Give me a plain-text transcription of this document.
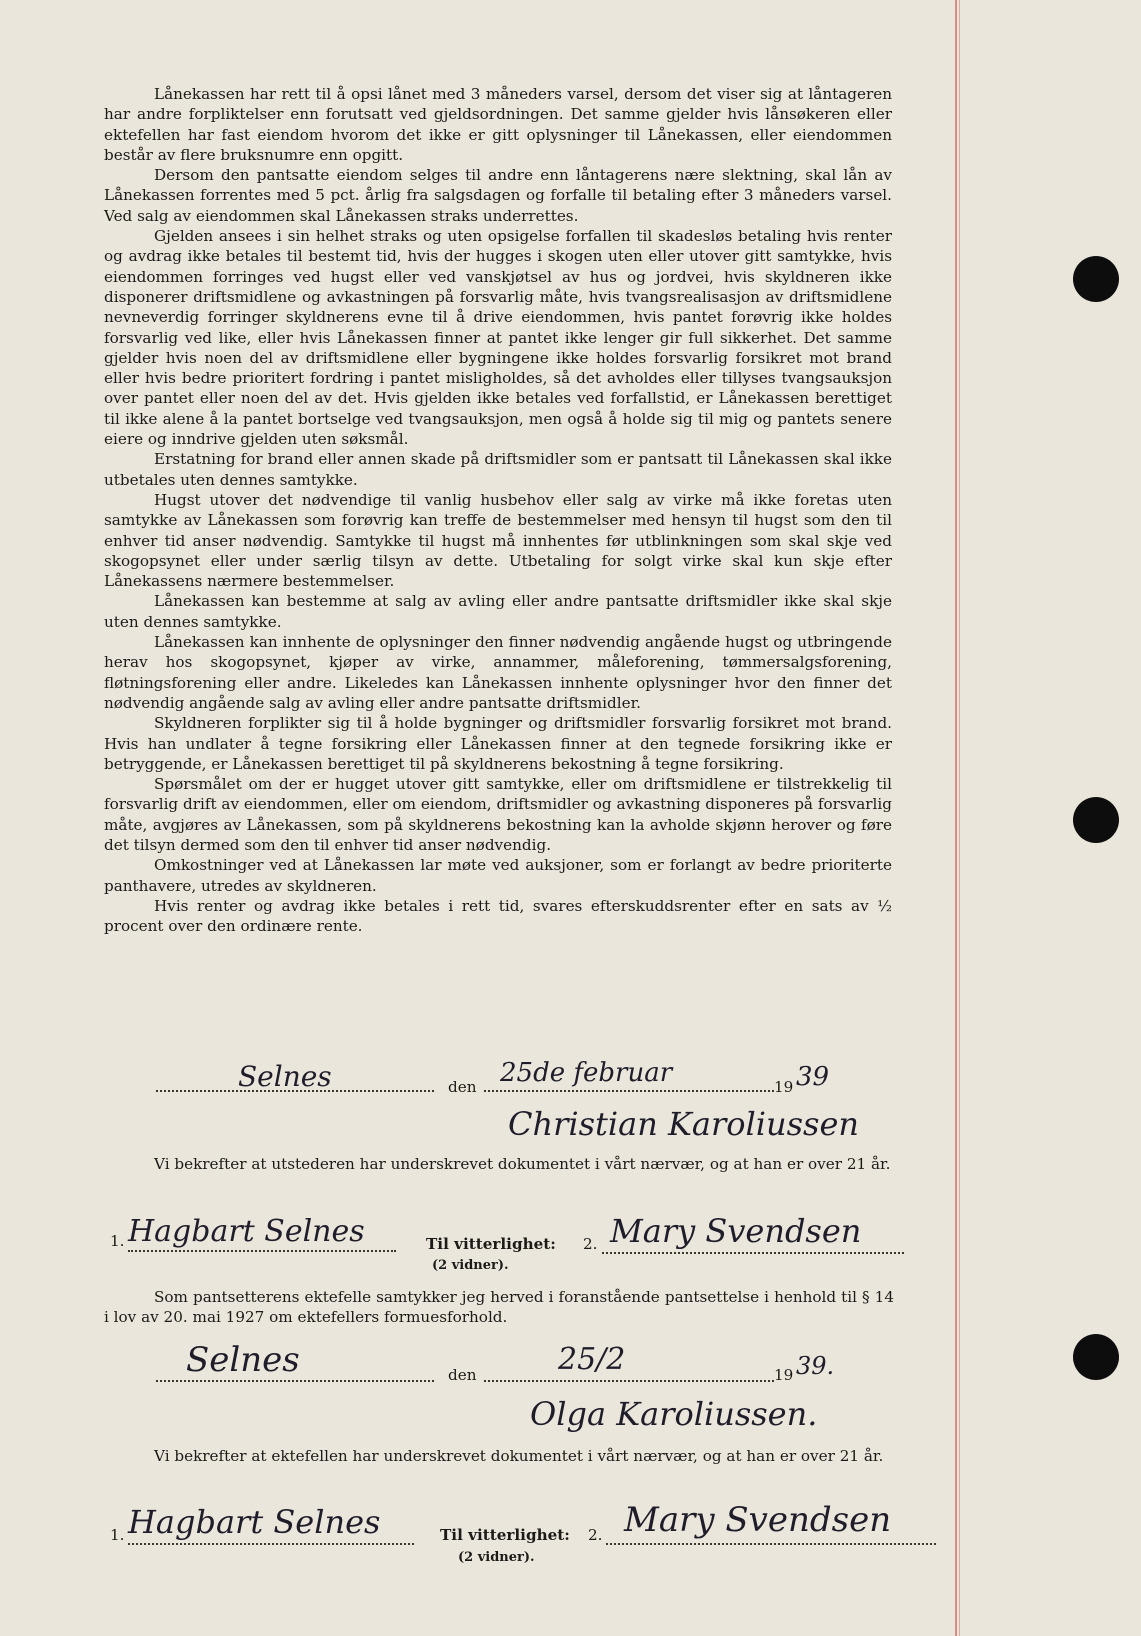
Lånekassen har rett til å opsi lånet med 3 måneders varsel, dersom det viser sig at låntageren har andre forpliktelser enn forutsatt ved gjeldsordningen. Det samme gjelder hvis lånsøkeren eller ektefellen har fast eiendom hvorom det ikke er gitt oplysninger til Lånekassen, eller eiendommen består av flere bruksnumre enn opgitt.

Dersom den pantsatte eiendom selges til andre enn låntagerens nære slektning, skal lån av Lånekassen forrentes med 5 pct. årlig fra salgsdagen og forfalle til betaling efter 3 måneders varsel. Ved salg av eiendommen skal Lånekassen straks underrettes.

Gjelden ansees i sin helhet straks og uten opsigelse forfallen til skadesløs betaling hvis renter og avdrag ikke betales til bestemt tid, hvis der hugges i skogen uten eller utover gitt samtykke, hvis eiendommen forringes ved hugst eller ved vanskjøtsel av hus og jordvei, hvis skyldneren ikke disponerer driftsmidlene og avkastningen på forsvarlig måte, hvis tvangsrealisasjon av driftsmidlene nevneverdig forringer skyldnerens evne til å drive eiendommen, hvis pantet forøvrig ikke holdes forsvarlig ved like, eller hvis Lånekassen finner at pantet ikke lenger gir full sikkerhet. Det samme gjelder hvis noen del av driftsmidlene eller bygningene ikke holdes forsvarlig forsikret mot brand eller hvis bedre prioritert fordring i pantet misligholdes, så det avholdes eller tillyses tvangsauksjon over pantet eller noen del av det. Hvis gjelden ikke betales ved forfallstid, er Lånekassen berettiget til ikke alene å la pantet bortselge ved tvangsauksjon, men også å holde sig til mig og pantets senere eiere og inndrive gjelden uten søksmål.

Erstatning for brand eller annen skade på driftsmidler som er pantsatt til Lånekassen skal ikke utbetales uten dennes samtykke.

Hugst utover det nødvendige til vanlig husbehov eller salg av virke må ikke foretas uten samtykke av Lånekassen som forøvrig kan treffe de bestemmelser med hensyn til hugst som den til enhver tid anser nødvendig. Samtykke til hugst må innhentes før utblinkningen som skal skje ved skogopsynet eller under særlig tilsyn av dette. Utbetaling for solgt virke skal kun skje efter Lånekassens nærmere bestemmelser.

Lånekassen kan bestemme at salg av avling eller andre pantsatte driftsmidler ikke skal skje uten dennes samtykke.

Lånekassen kan innhente de oplysninger den finner nødvendig angående hugst og utbringende herav hos skogopsynet, kjøper av virke, annammer, måleforening, tømmersalgsforening, fløtningsforening eller andre. Likeledes kan Lånekassen innhente oplysninger hvor den finner det nødvendig angående salg av avling eller andre pantsatte driftsmidler.

Skyldneren forplikter sig til å holde bygninger og driftsmidler forsvarlig forsikret mot brand. Hvis han undlater å tegne forsikring eller Lånekassen finner at den tegnede forsikring ikke er betryggende, er Lånekassen berettiget til på skyldnerens bekostning å tegne forsikring.

Spørsmålet om der er hugget utover gitt samtykke, eller om driftsmidlene er tilstrekkelig til forsvarlig drift av eiendommen, eller om eiendom, driftsmidler og avkastning disponeres på forsvarlig måte, avgjøres av Lånekassen, som på skyldnerens bekostning kan la avholde skjønn herover og føre det tilsyn dermed som den til enhver tid anser nødvendig.

Omkostninger ved at Lånekassen lar møte ved auksjoner, som er forlangt av bedre prioriterte panthavere, utredes av skyldneren.

Hvis renter og avdrag ikke betales i rett tid, svares efterskuddsrenter efter en sats av ½ procent over den ordinære rente.

Selnes	den 25de februar	19 39
Christian Karoliussen

Vi bekrefter at utstederen har underskrevet dokumentet i vårt nærvær, og at han er over 21 år.

1. Hagbart Selnes	Til vitterlighet: 2. Mary Svendsen
(2 vidner).

Som pantsetterens ektefelle samtykker jeg herved i foranstående pantsettelse i henhold til § 14 i lov av 20. mai 1927 om ektefellers formuesforhold.

Selnes	den	25/2	19 39.
Olga Karoliussen.

Vi bekrefter at ektefellen har underskrevet dokumentet i vårt nærvær, og at han er over 21 år.

1. Hagbart Selnes	Til vitterlighet: 2. Mary Svendsen
(2 vidner).
